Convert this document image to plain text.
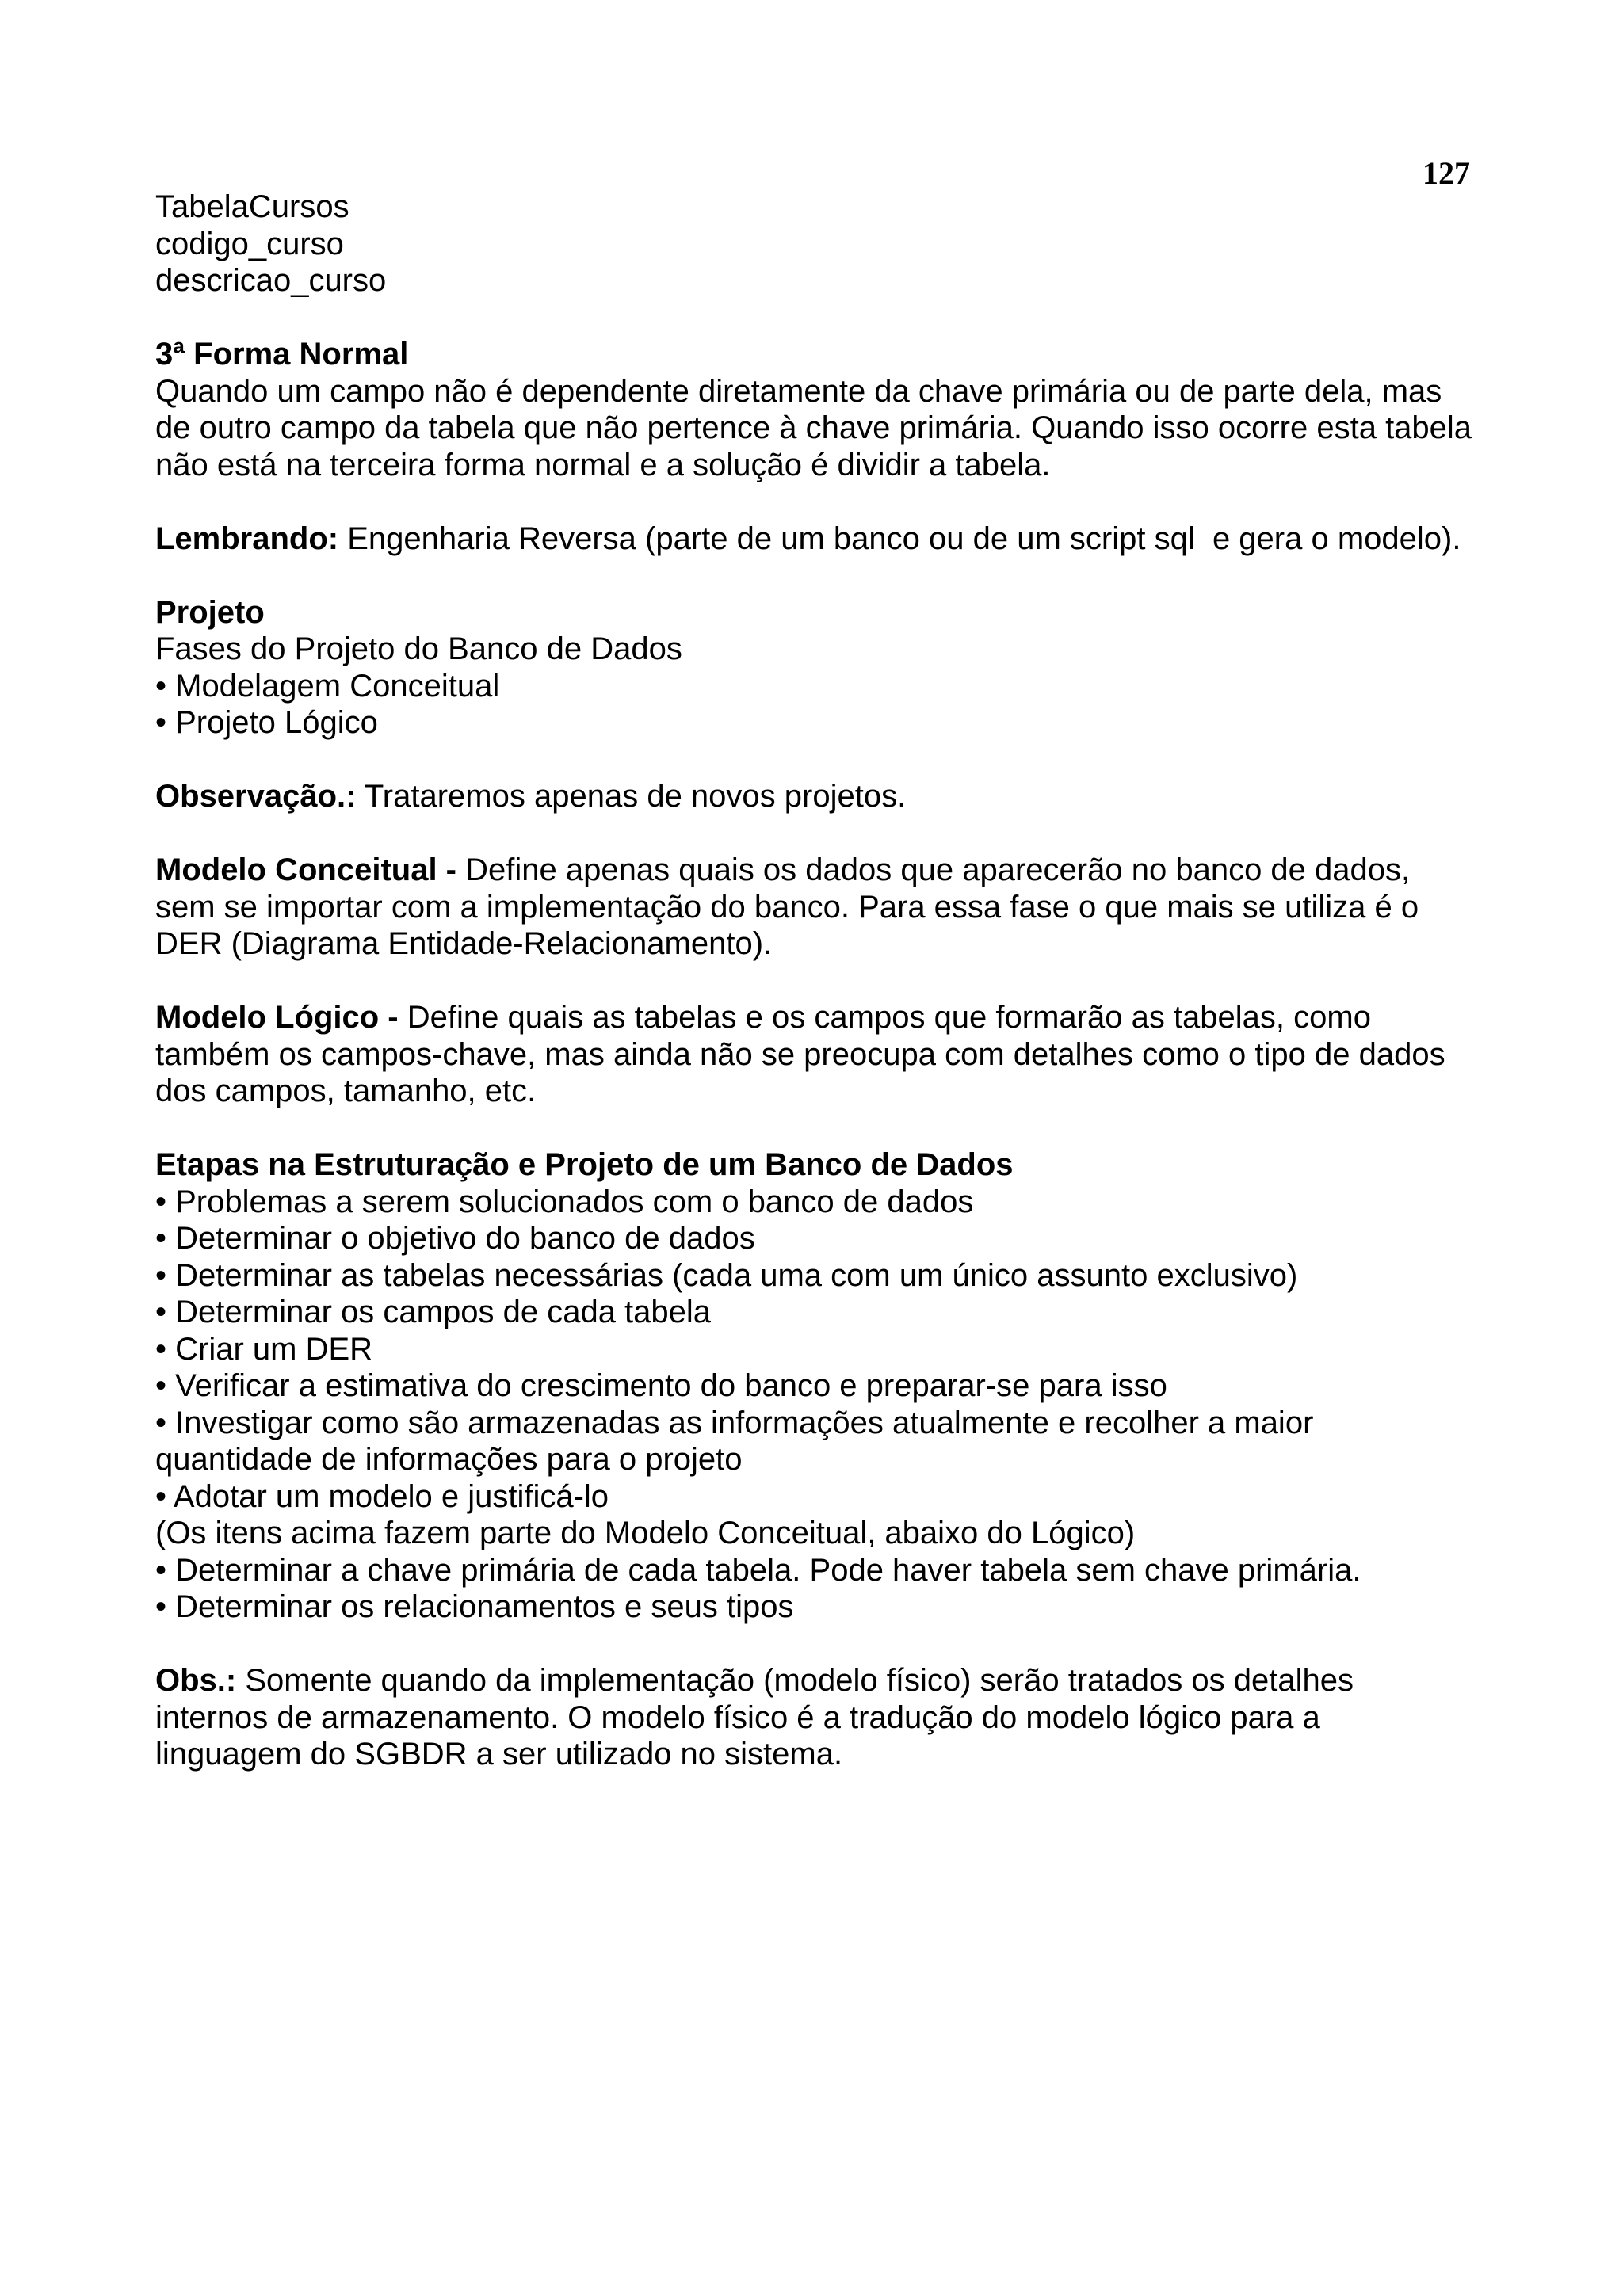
127
TabelaCursos
codigo_curso
descricao_curso
3ª Forma Normal
Quando um campo não é dependente diretamente da chave primária ou de parte dela, mas
de outro campo da tabela que não pertence à chave primária. Quando isso ocorre esta tabela
não está na terceira forma normal e a solução é dividir a tabela.
Lembrando: Engenharia Reversa (parte de um banco ou de um script sql  e gera o modelo).
Projeto
Fases do Projeto do Banco de Dados
• Modelagem Conceitual
• Projeto Lógico
Observação.: Trataremos apenas de novos projetos.
Modelo Conceitual - Define apenas quais os dados que aparecerão no banco de dados,
sem se importar com a implementação do banco. Para essa fase o que mais se utiliza é o
DER (Diagrama Entidade-Relacionamento).
Modelo Lógico - Define quais as tabelas e os campos que formarão as tabelas, como
também os campos-chave, mas ainda não se preocupa com detalhes como o tipo de dados
dos campos, tamanho, etc.
Etapas na Estruturação e Projeto de um Banco de Dados
• Problemas a serem solucionados com o banco de dados
• Determinar o objetivo do banco de dados
• Determinar as tabelas necessárias (cada uma com um único assunto exclusivo)
• Determinar os campos de cada tabela
• Criar um DER
• Verificar a estimativa do crescimento do banco e preparar-se para isso
• Investigar como são armazenadas as informações atualmente e recolher a maior
quantidade de informações para o projeto
• Adotar um modelo e justificá-lo
(Os itens acima fazem parte do Modelo Conceitual, abaixo do Lógico)
• Determinar a chave primária de cada tabela. Pode haver tabela sem chave primária.
• Determinar os relacionamentos e seus tipos
Obs.: Somente quando da implementação (modelo físico) serão tratados os detalhes
internos de armazenamento. O modelo físico é a tradução do modelo lógico para a
linguagem do SGBDR a ser utilizado no sistema.
